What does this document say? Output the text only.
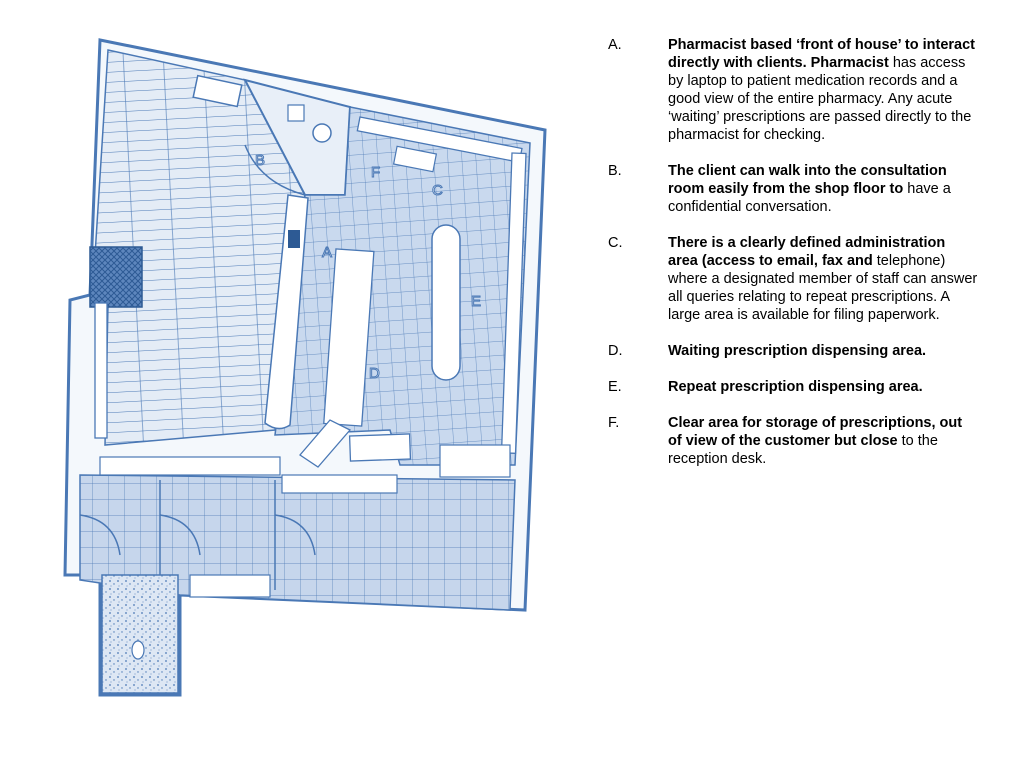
B
F
C
A
E
D
A.	Pharmacist based ‘front of house’ to interact directly with clients. Pharmacist has access by laptop to patient medication records and a good view of the entire pharmacy. Any acute ‘waiting’ prescriptions are passed directly to the pharmacist for checking.
B.	The client can walk into the consultation room easily from the shop floor to have a confidential conversation.
C.	There is a clearly defined administration area (access to email, fax and telephone) where a designated member of staff can answer all queries relating to repeat prescriptions. A large area is available for filing paperwork.
D.	Waiting prescription dispensing area.
E.	Repeat prescription dispensing area.
F.	Clear area for storage of prescriptions, out of view of the customer but close to the reception desk.
